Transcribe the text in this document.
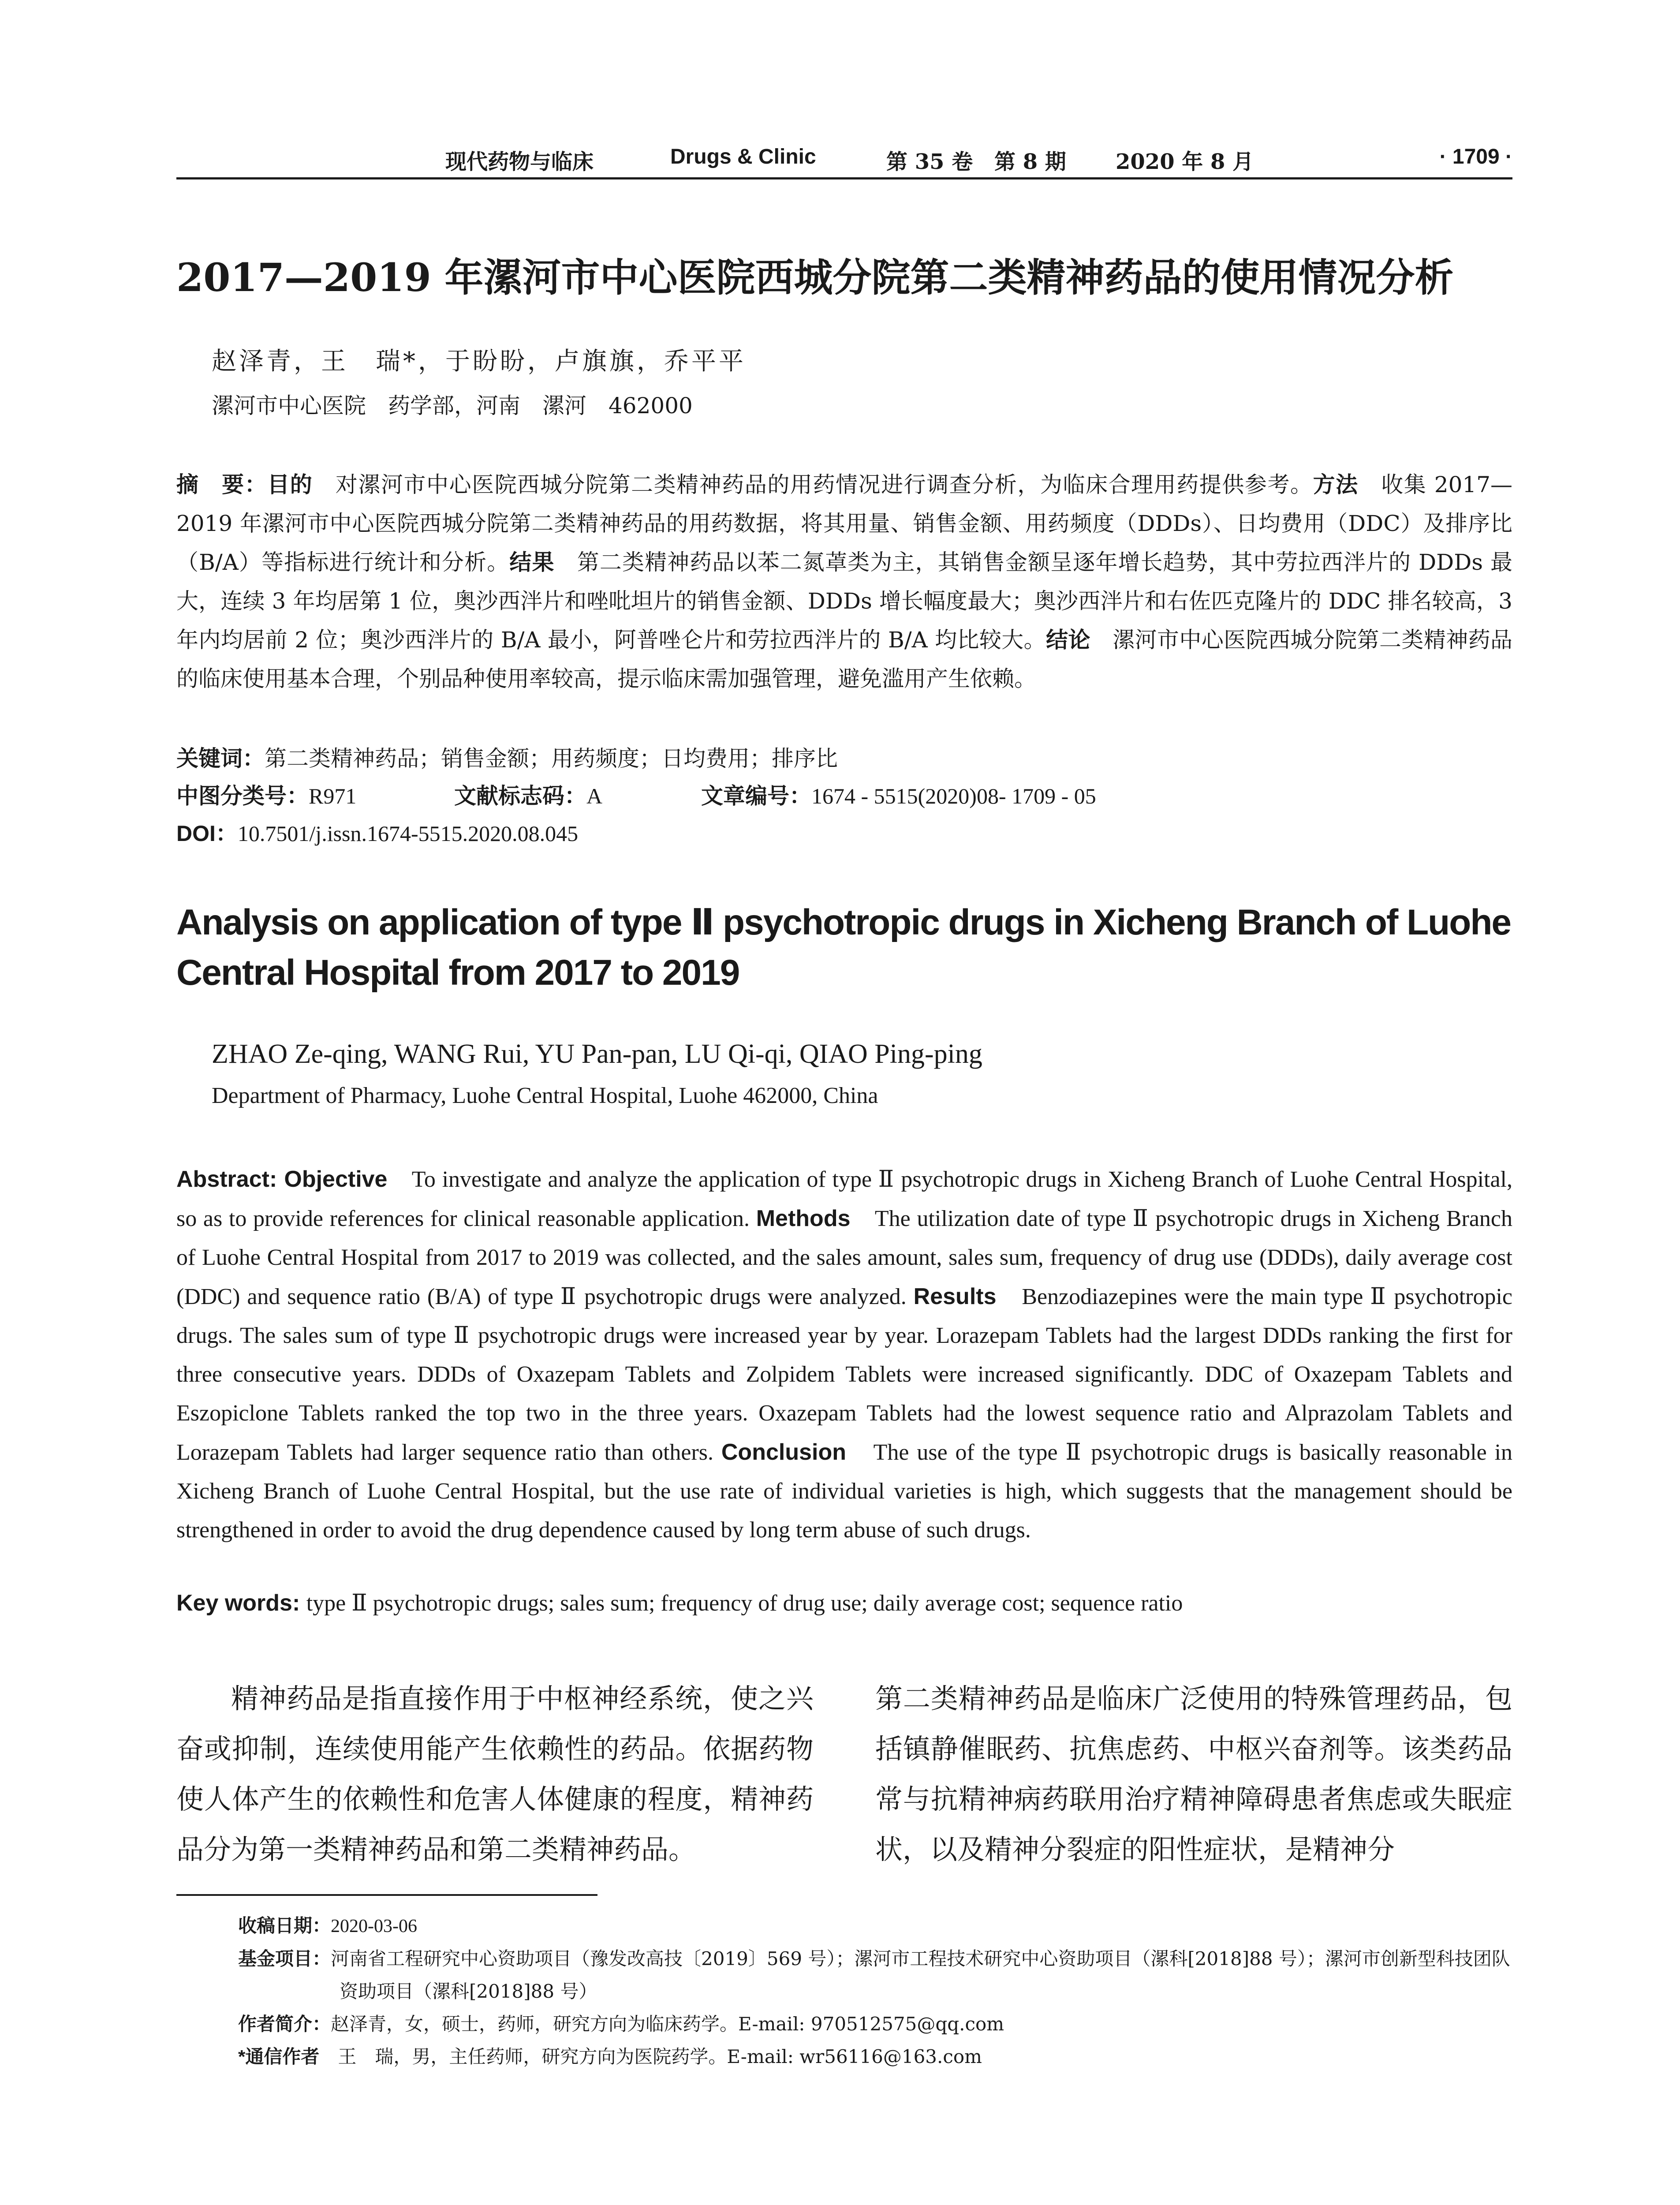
现代药物与临床	Drugs & Clinic	第 35 卷 第 8 期 2020 年 8 月	· 1709 ·
2017—2019 年漯河市中心医院西城分院第二类精神药品的使用情况分析
赵泽青，王　瑞*，于盼盼，卢旗旗，乔平平
漯河市中心医院　药学部，河南　漯河　462000
摘　要：目的　对漯河市中心医院西城分院第二类精神药品的用药情况进行调查分析，为临床合理用药提供参考。方法　收集 2017—2019 年漯河市中心医院西城分院第二类精神药品的用药数据，将其用量、销售金额、用药频度（DDDs）、日均费用（DDC）及排序比（B/A）等指标进行统计和分析。结果　第二类精神药品以苯二氮䓬类为主，其销售金额呈逐年增长趋势，其中劳拉西泮片的 DDDs 最大，连续 3 年均居第 1 位，奥沙西泮片和唑吡坦片的销售金额、DDDs 增长幅度最大；奥沙西泮片和右佐匹克隆片的 DDC 排名较高，3 年内均居前 2 位；奥沙西泮片的 B/A 最小，阿普唑仑片和劳拉西泮片的 B/A 均比较大。结论　漯河市中心医院西城分院第二类精神药品的临床使用基本合理，个别品种使用率较高，提示临床需加强管理，避免滥用产生依赖。
关键词：第二类精神药品；销售金额；用药频度；日均费用；排序比
中图分类号：R971	文献标志码：A	文章编号：1674 - 5515(2020)08- 1709 - 05
DOI：10.7501/j.issn.1674-5515.2020.08.045
Analysis on application of type Ⅱ psychotropic drugs in Xicheng Branch of Luohe Central Hospital from 2017 to 2019
ZHAO Ze-qing, WANG Rui, YU Pan-pan, LU Qi-qi, QIAO Ping-ping
Department of Pharmacy, Luohe Central Hospital, Luohe 462000, China
Abstract: Objective　To investigate and analyze the application of type Ⅱ psychotropic drugs in Xicheng Branch of Luohe Central Hospital, so as to provide references for clinical reasonable application. Methods　The utilization date of type Ⅱ psychotropic drugs in Xicheng Branch of Luohe Central Hospital from 2017 to 2019 was collected, and the sales amount, sales sum, frequency of drug use (DDDs), daily average cost (DDC) and sequence ratio (B/A) of type Ⅱ psychotropic drugs were analyzed. Results　Benzodiazepines were the main type Ⅱ psychotropic drugs. The sales sum of type Ⅱ psychotropic drugs were increased year by year. Lorazepam Tablets had the largest DDDs ranking the first for three consecutive years. DDDs of Oxazepam Tablets and Zolpidem Tablets were increased significantly. DDC of Oxazepam Tablets and Eszopiclone Tablets ranked the top two in the three years. Oxazepam Tablets had the lowest sequence ratio and Alprazolam Tablets and Lorazepam Tablets had larger sequence ratio than others. Conclusion　The use of the type Ⅱ psychotropic drugs is basically reasonable in Xicheng Branch of Luohe Central Hospital, but the use rate of individual varieties is high, which suggests that the management should be strengthened in order to avoid the drug dependence caused by long term abuse of such drugs.
Key words: type Ⅱ psychotropic drugs; sales sum; frequency of drug use; daily average cost; sequence ratio
精神药品是指直接作用于中枢神经系统，使之兴奋或抑制，连续使用能产生依赖性的药品。依据药物使人体产生的依赖性和危害人体健康的程度，精神药品分为第一类精神药品和第二类精神药品。
第二类精神药品是临床广泛使用的特殊管理药品，包括镇静催眠药、抗焦虑药、中枢兴奋剂等。该类药品常与抗精神病药联用治疗精神障碍患者焦虑或失眠症状，以及精神分裂症的阳性症状，是精神分
收稿日期：2020-03-06
基金项目：河南省工程研究中心资助项目（豫发改高技〔2019〕569 号）；漯河市工程技术研究中心资助项目（漯科[2018]88 号）；漯河市创新型科技团队资助项目（漯科[2018]88 号）
作者简介：赵泽青，女，硕士，药师，研究方向为临床药学。E-mail: 970512575@qq.com
*通信作者　王　瑞，男，主任药师，研究方向为医院药学。E-mail: wr56116@163.com
